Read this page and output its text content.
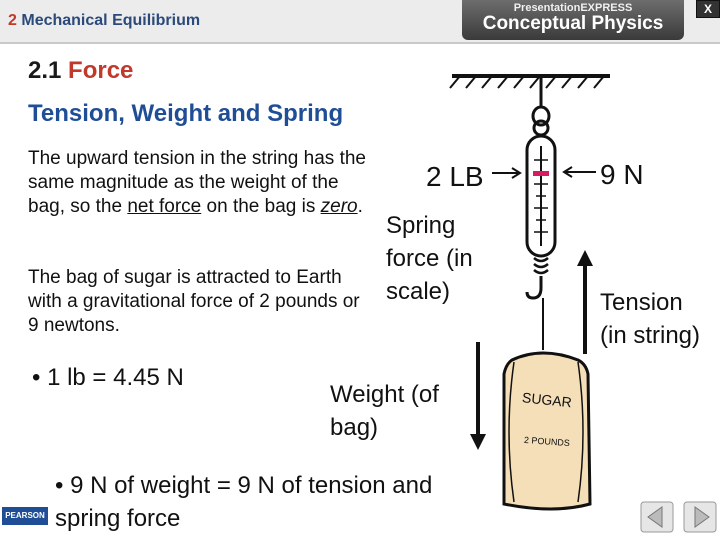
2 Mechanical Equilibrium
PresentationEXPRESS
Conceptual Physics
X
2.1 Force
Tension, Weight and Spring
The upward tension in the string has the same magnitude as the weight of the bag, so the net force on the bag is zero.
The bag of sugar is attracted to Earth with a gravitational force of 2 pounds or 9 newtons.
• 1 lb = 4.45 N
• 9 N of weight = 9 N of tension and spring force
Spring force (in scale)
Weight (of bag)
Tension (in string)
2 LB	9 N
SUGAR
2 POUNDS
PEARSON
